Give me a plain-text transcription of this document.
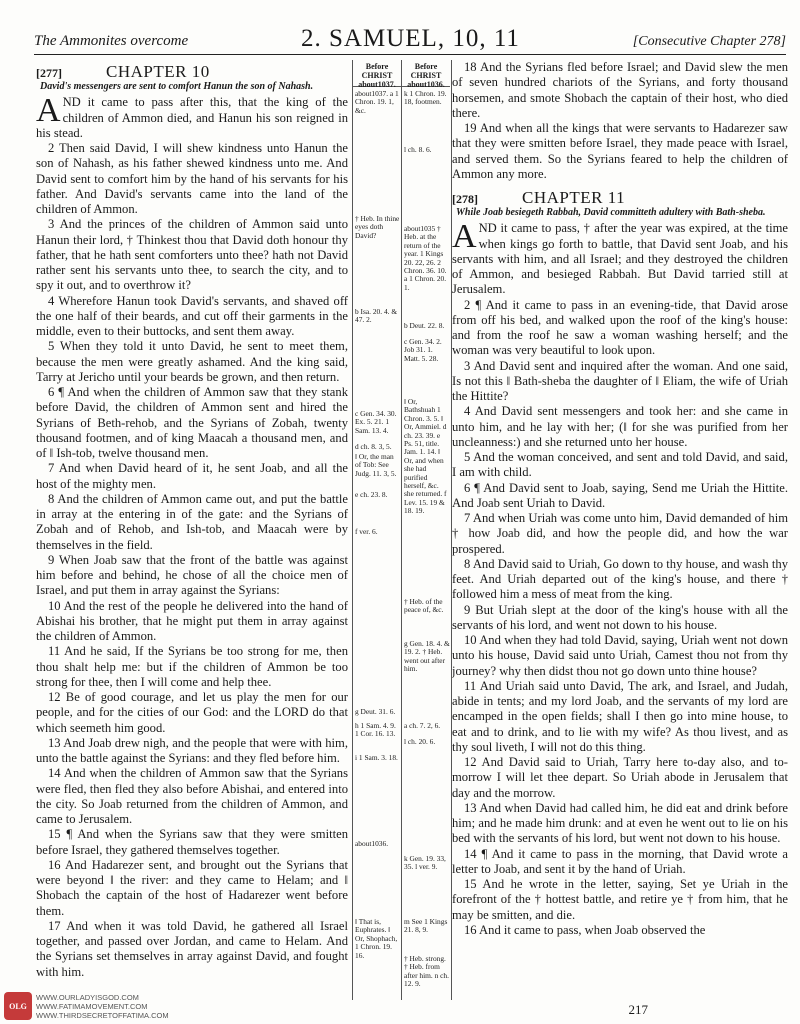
The Ammonites overcome	2. SAMUEL, 10, 11	[Consecutive Chapter 278]
[277]	CHAPTER 10

David's messengers are sent to comfort Hanun the son of Nahash.

AND it came to pass after this, that the king of the children of Ammon died, and Hanun his son reigned in his stead.

2 Then said David, I will shew kindness unto Hanun the son of Nahash, as his father shewed kindness unto me. And David sent to comfort him by the hand of his servants for his father. And David's servants came into the land of the children of Ammon.

3 And the princes of the children of Ammon said unto Hanun their lord, † Thinkest thou that David doth honour thy father, that he hath sent comforters unto thee? hath not David rather sent his servants unto thee, to search the city, and to spy it out, and to overthrow it?

4 Wherefore Hanun took David's servants, and shaved off the one half of their beards, and cut off their garments in the middle, even to their buttocks, and sent them away.

5 When they told it unto David, he sent to meet them, because the men were greatly ashamed. And the king said, Tarry at Jericho until your beards be grown, and then return.

6 ¶ And when the children of Ammon saw that they stank before David, the children of Ammon sent and hired the Syrians of Beth-rehob, and the Syrians of Zobah, twenty thousand footmen, and of king Maacah a thousand men, and of ‖ Ish-tob, twelve thousand men.

7 And when David heard of it, he sent Joab, and all the host of the mighty men.

8 And the children of Ammon came out, and put the battle in array at the entering in of the gate: and the Syrians of Zobah and of Rehob, and Ish-tob, and Maacah were by themselves in the field.

9 When Joab saw that the front of the battle was against him before and behind, he chose of all the choice men of Israel, and put them in array against the Syrians:

10 And the rest of the people he delivered into the hand of Abishai his brother, that he might put them in array against the children of Ammon.

11 And he said, If the Syrians be too strong for me, then thou shalt help me: but if the children of Ammon be too strong for thee, then I will come and help thee.

12 Be of good courage, and let us play the men for our people, and for the cities of our God: and the LORD do that which seemeth him good.

13 And Joab drew nigh, and the people that were with him, unto the battle against the Syrians: and they fled before him.

14 And when the children of Ammon saw that the Syrians were fled, then fled they also before Abishai, and entered into the city. So Joab returned from the children of Ammon, and came to Jerusalem.

15 ¶ And when the Syrians saw that they were smitten before Israel, they gathered themselves together.

16 And Hadarezer sent, and brought out the Syrians that were beyond ‖ the river: and they came to Helam; and ‖ Shobach the captain of the host of Hadarezer went before them.

17 And when it was told David, he gathered all Israel together, and passed over Jordan, and came to Helam. And the Syrians set themselves in array against David, and fought with him.

Before CHRIST about1037.
Before CHRIST about1036.
about1037. a 1 Chron. 19. 1, &c.
† Heb. In thine eyes doth David?
b Isa. 20. 4. & 47. 2.
c Gen. 34. 30. Ex. 5. 21. 1 Sam. 13. 4.
d ch. 8. 3, 5.
‖ Or, the man of Tob: See Judg. 11. 3, 5.
e ch. 23. 8.
f ver. 6.
g Deut. 31. 6.
h 1 Sam. 4. 9. 1 Cor. 16. 13.
i 1 Sam. 3. 18.
about1036.
‖ That is, Euphrates. ‖ Or, Shophach, 1 Chron. 19. 16.
k 1 Chron. 19. 18, footmen.
l ch. 8. 6.
about1035 † Heb. at the return of the year. 1 Kings 20. 22, 26. 2 Chron. 36. 10. a 1 Chron. 20. 1.
b Deut. 22. 8.
c Gen. 34. 2. Job 31. 1. Matt. 5. 28.
‖ Or, Bathshuah 1 Chron. 3. 5. ‖ Or, Ammiel. d ch. 23. 39. e Ps. 51, title. Jam. 1. 14. ‖ Or, and when she had purified herself, &c. she returned. f Lev. 15. 19 & 18. 19.
† Heb. of the peace of, &c.
g Gen. 18. 4. & 19. 2. † Heb. went out after him.
a ch. 7. 2, 6.
l ch. 20. 6.
k Gen. 19. 33, 35. l ver. 9.
m See 1 Kings 21. 8, 9.
† Heb. strong. † Heb. from after him. n ch. 12. 9.

18 And the Syrians fled before Israel; and David slew the men of seven hundred chariots of the Syrians, and forty thousand horsemen, and smote Shobach the captain of their host, who died there.

19 And when all the kings that were servants to Hadarezer saw that they were smitten before Israel, they made peace with Israel, and served them. So the Syrians feared to help the children of Ammon any more.

[278]	CHAPTER 11

While Joab besiegeth Rabbah, David committeth adultery with Bath-sheba.

AND it came to pass, † after the year was expired, at the time when kings go forth to battle, that David sent Joab, and his servants with him, and all Israel; and they destroyed the children of Ammon, and besieged Rabbah. But David tarried still at Jerusalem.

2 ¶ And it came to pass in an evening-tide, that David arose from off his bed, and walked upon the roof of the king's house: and from the roof he saw a woman washing herself; and the woman was very beautiful to look upon.

3 And David sent and inquired after the woman. And one said, Is not this ‖ Bath-sheba the daughter of ‖ Eliam, the wife of Uriah the Hittite?

4 And David sent messengers and took her: and she came in unto him, and he lay with her; (‖ for she was purified from her uncleanness:) and she returned unto her house.

5 And the woman conceived, and sent and told David, and said, I am with child.

6 ¶ And David sent to Joab, saying, Send me Uriah the Hittite. And Joab sent Uriah to David.

7 And when Uriah was come unto him, David demanded of him † how Joab did, and how the people did, and how the war prospered.

8 And David said to Uriah, Go down to thy house, and wash thy feet. And Uriah departed out of the king's house, and there † followed him a mess of meat from the king.

9 But Uriah slept at the door of the king's house with all the servants of his lord, and went not down to his house.

10 And when they had told David, saying, Uriah went not down unto his house, David said unto Uriah, Camest thou not from thy journey? why then didst thou not go down unto thine house?

11 And Uriah said unto David, The ark, and Israel, and Judah, abide in tents; and my lord Joab, and the servants of my lord are encamped in the open fields; shall I then go into mine house, to eat and to drink, and to lie with my wife? As thou livest, and as thy soul liveth, I will not do this thing.

12 And David said to Uriah, Tarry here to-day also, and to-morrow I will let thee depart. So Uriah abode in Jerusalem that day and the morrow.

13 And when David had called him, he did eat and drink before him; and he made him drunk: and at even he went out to lie on his bed with the servants of his lord, but went not down to his house.

14 ¶ And it came to pass in the morning, that David wrote a letter to Joab, and sent it by the hand of Uriah.

15 And he wrote in the letter, saying, Set ye Uriah in the forefront of the † hottest battle, and retire ye † from him, that he may be smitten, and die.

16 And it came to pass, when Joab observed the

217
OLG
WWW.OURLADYISGOD.COM
WWW.FATIMAMOVEMENT.COM
WWW.THIRDSECRETOFFATIMA.COM
